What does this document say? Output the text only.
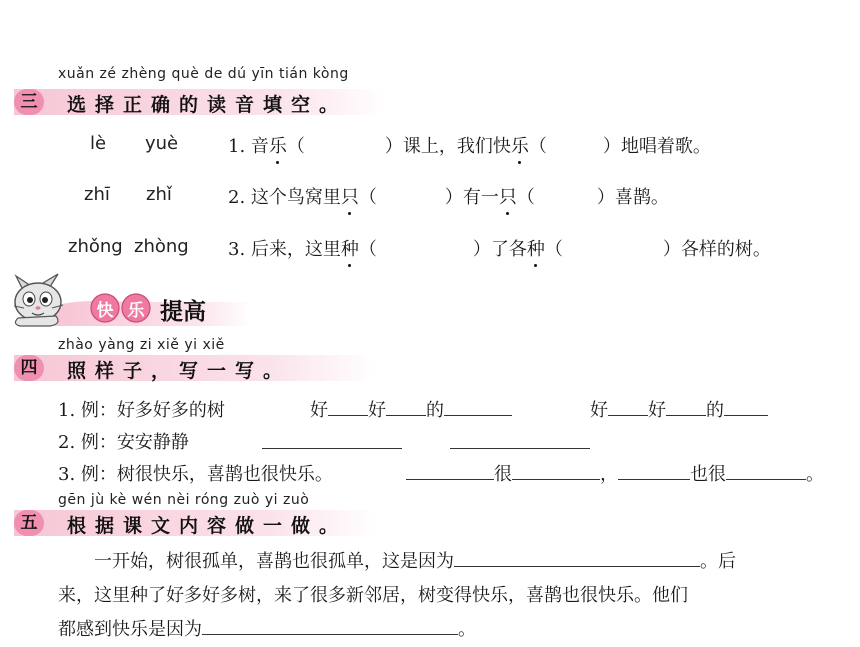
xuǎn zé zhèng què de dú yīn tián kòng
三	选择正确的读音填空。
lè yuè	1. 音乐（	）课上，我们快乐（	）地唱着歌。
zhī zhǐ	2. 这个鸟窝里只（	）有一只（	）喜鹊。
zhǒng zhòng 3. 后来，这里种（	）了各种（	）各样的树。
快 乐 提高
zhào yàng zi xiě yi xiě
四	照样子，写一写。
1. 例：好多好多的树	好 好 的	好 好 的
2. 例：安安静静
3. 例：树很快乐，喜鹊也很快乐。	很	，	也很	。
gēn jù kè wén nèi róng zuò yi zuò
五	根据课文内容做一做。
一开始，树很孤单，喜鹊也很孤单，这是因为	。后
来，这里种了好多好多树，来了很多新邻居，树变得快乐，喜鹊也很快乐。他们
都感到快乐是因为	。
